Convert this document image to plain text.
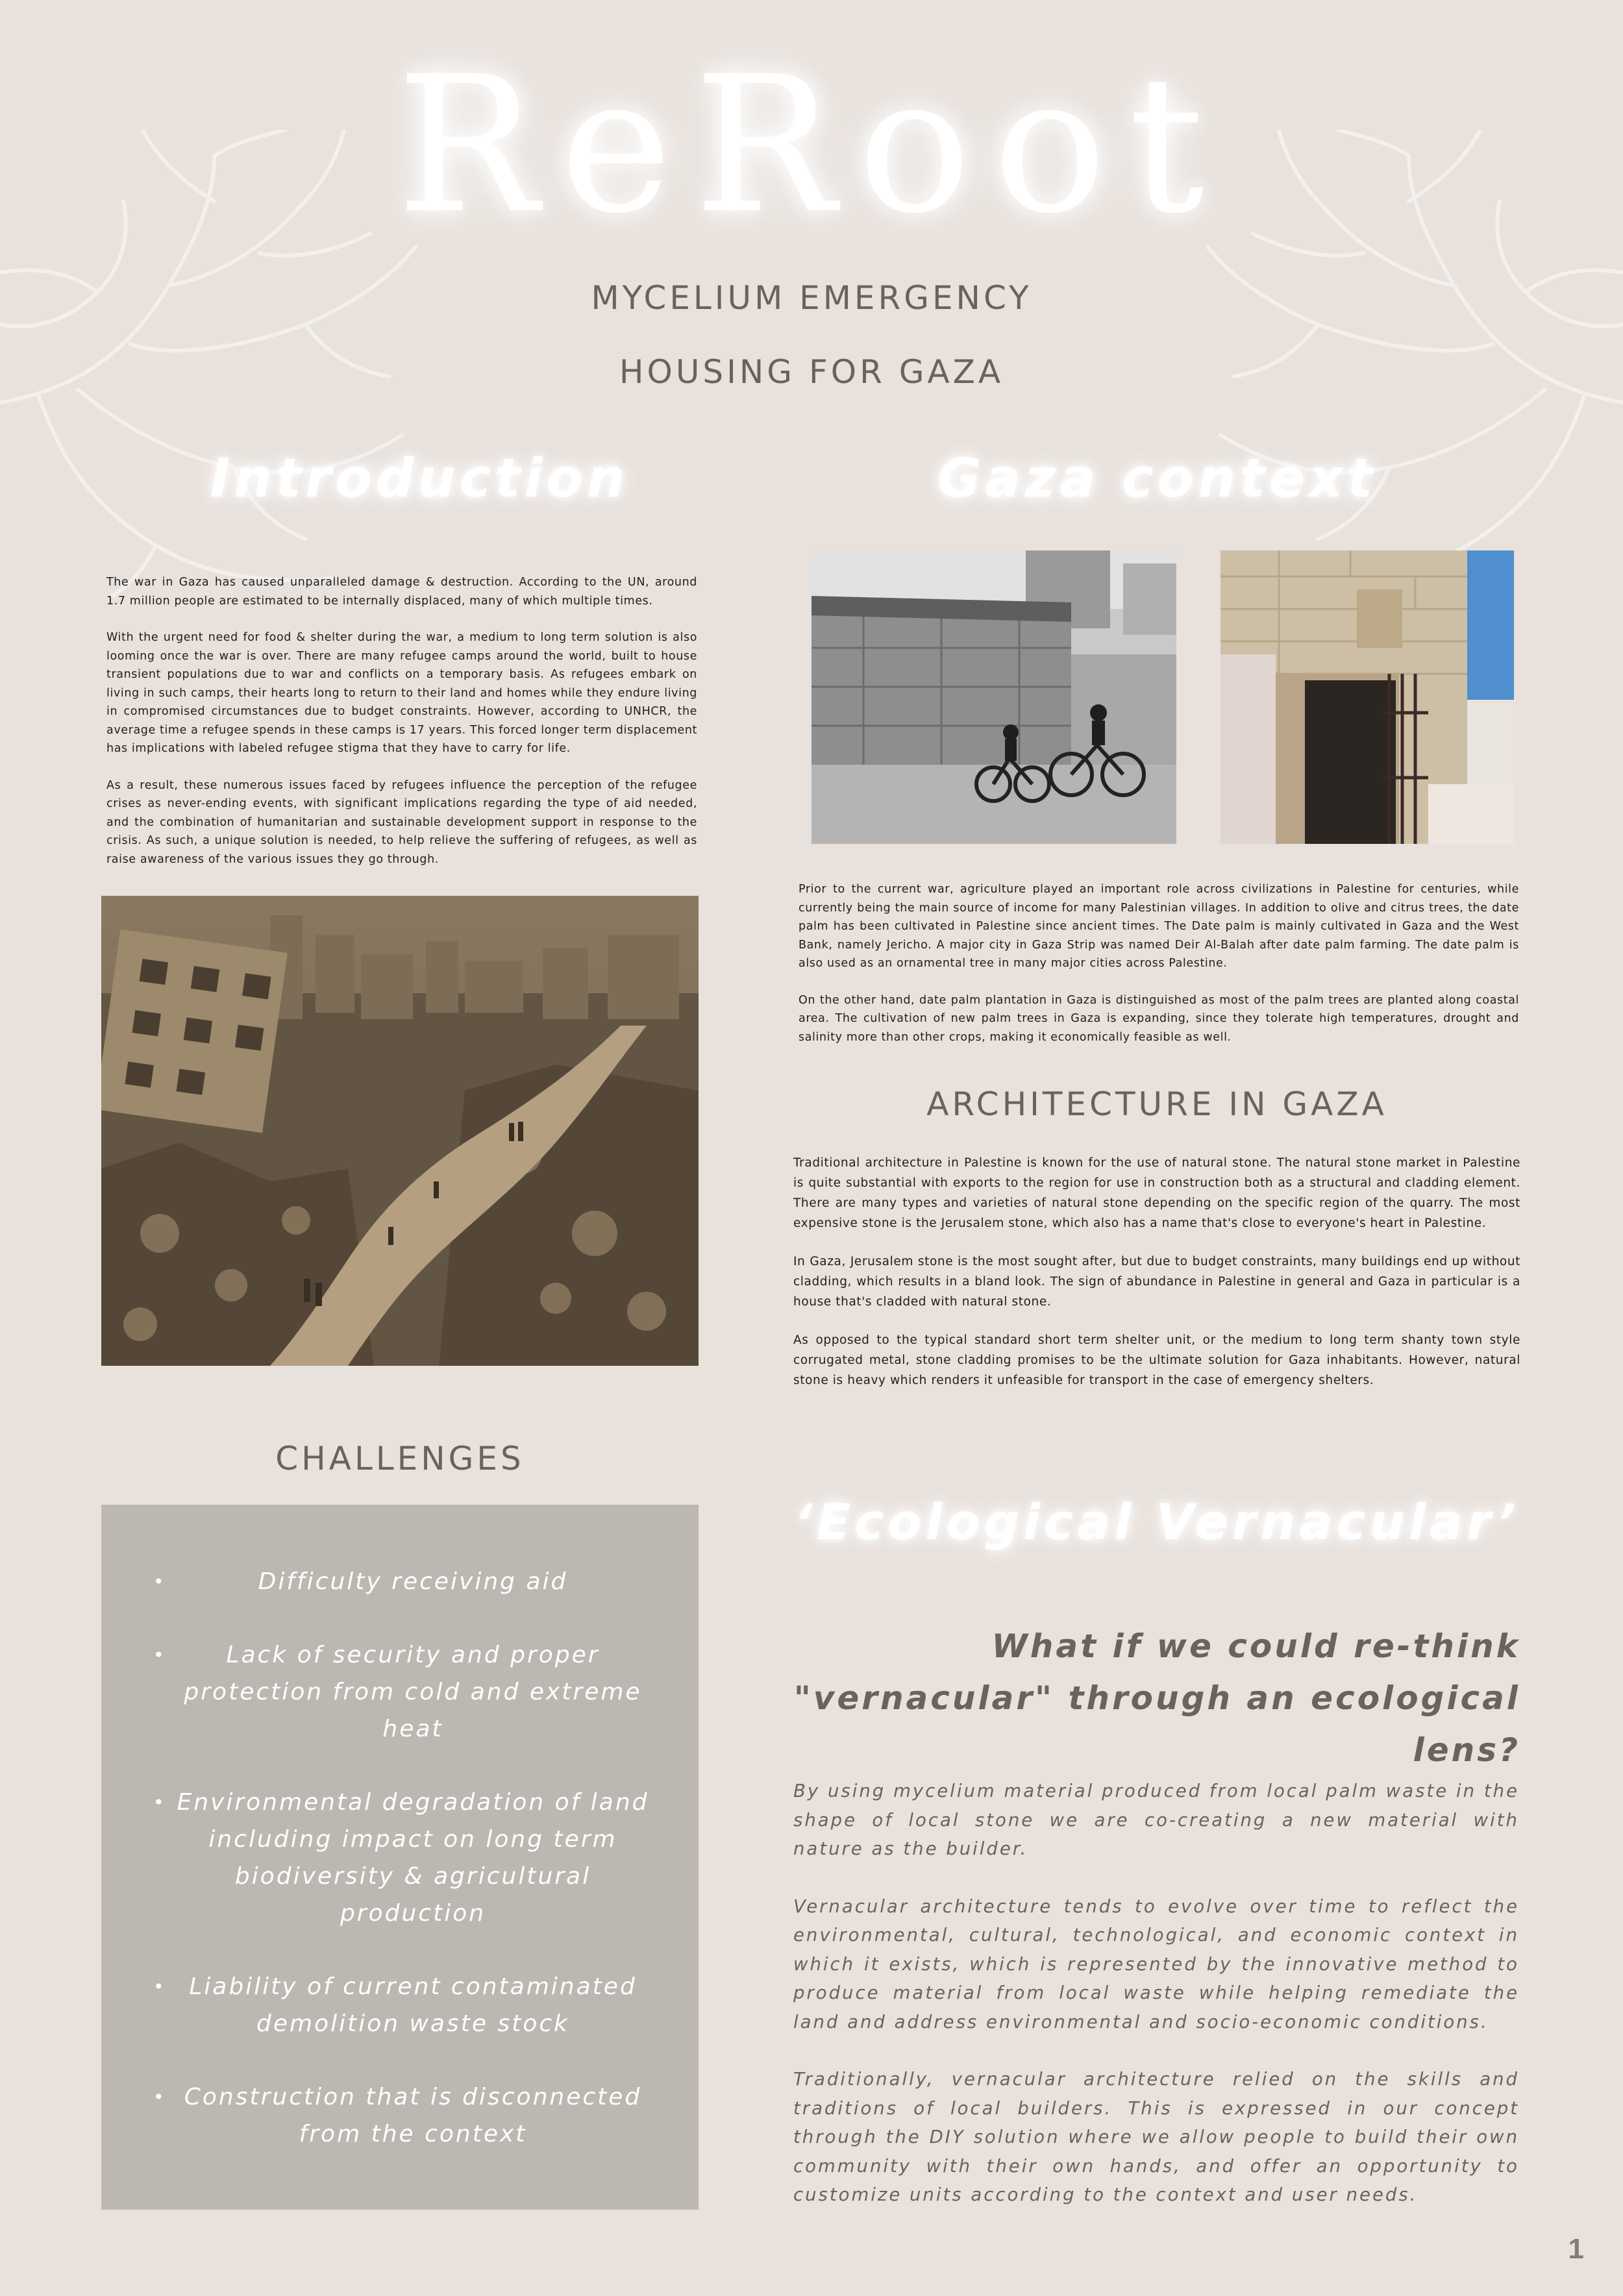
ReRoot
MYCELIUM EMERGENCY
HOUSING FOR GAZA
Introduction

The war in Gaza has caused unparalleled damage & destruction. According to the UN, around 1.7 million people are estimated to be internally displaced, many of which multiple times.

With the urgent need for food & shelter during the war, a medium to long term solution is also looming once the war is over. There are many refugee camps around the world, built to house transient populations due to war and conflicts on a temporary basis. As refugees embark on living in such camps, their hearts long to return to their land and homes while they endure living in compromised circumstances due to budget constraints. However, according to UNHCR, the average time a refugee spends in these camps is 17 years. This forced longer term displacement has implications with labeled refugee stigma that they have to carry for life.

As a result, these numerous issues faced by refugees influence the perception of the refugee crises as never-ending events, with significant implications regarding the type of aid needed, and the combination of humanitarian and sustainable development support in response to the crisis. As such, a unique solution is needed, to help relieve the suffering of refugees, as well as raise awareness of the various issues they go through.

Gaza context

Prior to the current war, agriculture played an important role across civilizations in Palestine for centuries, while currently being the main source of income for many Palestinian villages. In addition to olive and citrus trees, the date palm has been cultivated in Palestine since ancient times. The Date palm is mainly cultivated in Gaza and the West Bank, namely Jericho. A major city in Gaza Strip was named Deir Al-Balah after date palm farming. The date palm is also used as an ornamental tree in many major cities across Palestine.

On the other hand, date palm plantation in Gaza is distinguished as most of the palm trees are planted along coastal area. The cultivation of new palm trees in Gaza is expanding, since they tolerate high temperatures, drought and salinity more than other crops, making it economically feasible as well.

ARCHITECTURE IN GAZA

Traditional architecture in Palestine is known for the use of natural stone. The natural stone market in Palestine is quite substantial with exports to the region for use in construction both as a structural and cladding element. There are many types and varieties of natural stone depending on the specific region of the quarry. The most expensive stone is the Jerusalem stone, which also has a name that's close to everyone's heart in Palestine.

In Gaza, Jerusalem stone is the most sought after, but due to budget constraints, many buildings end up without cladding, which results in a bland look. The sign of abundance in Palestine in general and Gaza in particular is a house that's cladded with natural stone.

As opposed to the typical standard short term shelter unit, or the medium to long term shanty town style corrugated metal, stone cladding promises to be the ultimate solution for Gaza inhabitants. However, natural stone is heavy which renders it unfeasible for transport in the case of emergency shelters.

CHALLENGES
•	Difficulty receiving aid
•	Lack of security and proper protection from cold and extreme heat
• Environmental degradation of land including impact on long term biodiversity & agricultural production
• Liability of current contaminated demolition waste stock
• Construction that is disconnected from the context
‘Ecological Vernacular’
What if we could re-think "vernacular" through an ecological lens?

By using mycelium material produced from local palm waste in the shape of local stone we are co-creating a new material with nature as the builder.

Vernacular architecture tends to evolve over time to reflect the environmental, cultural, technological, and economic context in which it exists, which is represented by the innovative method to produce material from local waste while helping remediate the land and address environmental and socio-economic conditions.

Traditionally, vernacular architecture relied on the skills and traditions of local builders. This is expressed in our concept through the DIY solution where we allow people to build their own community with their own hands, and offer an opportunity to customize units according to the context and user needs.

1
